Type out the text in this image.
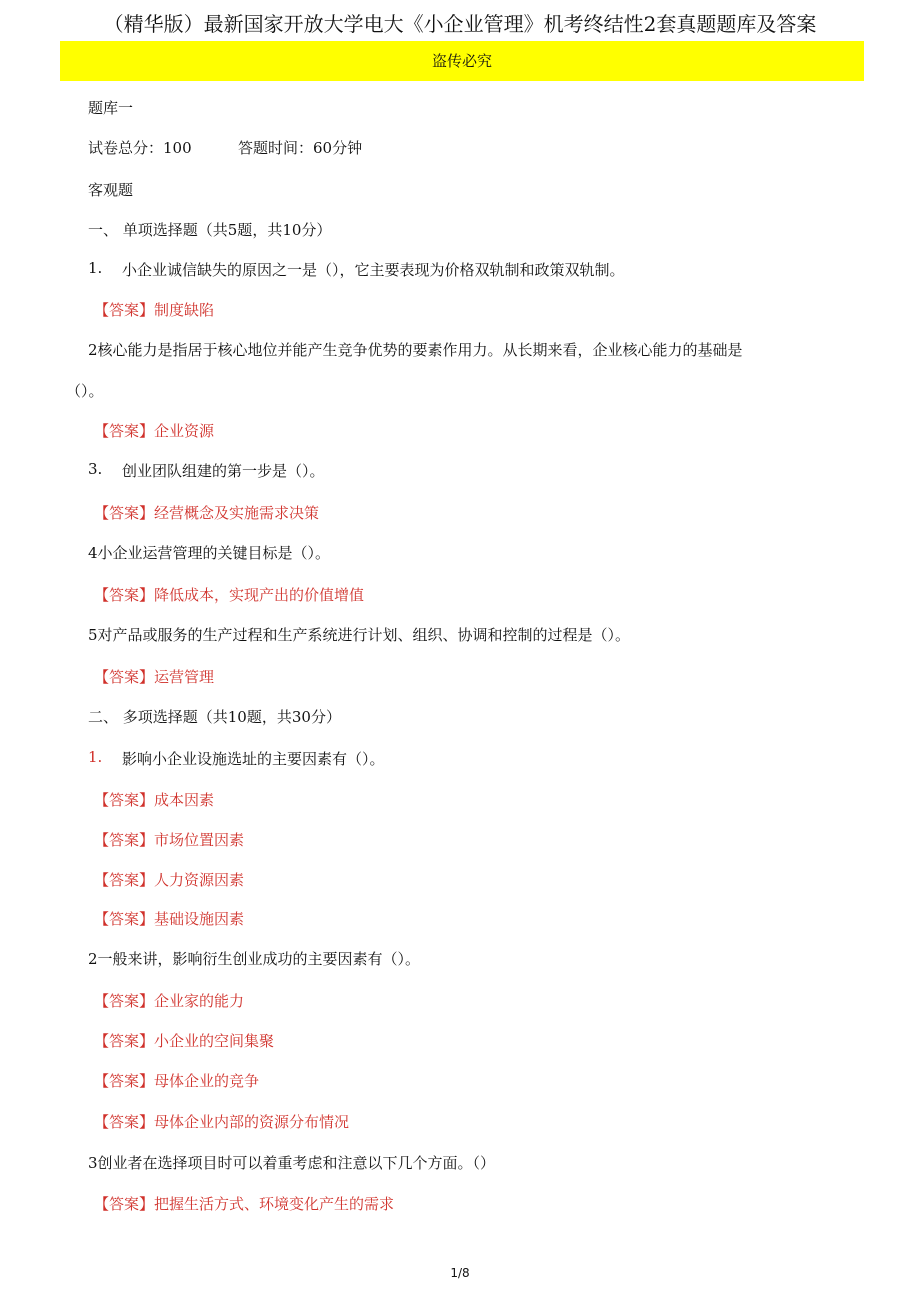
（精华版）最新国家开放大学电大《小企业管理》机考终结性2套真题题库及答案
盗传必究
题库一
试卷总分：100	答题时间：60分钟
客观题
一、 单项选择题（共5题，共10分）
1. 小企业诚信缺失的原因之一是（），它主要表现为价格双轨制和政策双轨制。
【答案】制度缺陷
2核心能力是指居于核心地位并能产生竞争优势的要素作用力。从长期来看，企业核心能力的基础是
（）。
【答案】企业资源
3. 创业团队组建的第一步是（）。
【答案】经营概念及实施需求决策
4小企业运营管理的关键目标是（）。
【答案】降低成本，实现产出的价值增值
5对产品或服务的生产过程和生产系统进行计划、组织、协调和控制的过程是（）。
【答案】运营管理
二、 多项选择题（共10题，共30分）
1. 影响小企业设施选址的主要因素有（）。
【答案】成本因素
【答案】市场位置因素
【答案】人力资源因素
【答案】基础设施因素
2一般来讲，影响衍生创业成功的主要因素有（）。
【答案】企业家的能力
【答案】小企业的空间集聚
【答案】母体企业的竞争
【答案】母体企业内部的资源分布情况
3创业者在选择项目时可以着重考虑和注意以下几个方面。（）
【答案】把握生活方式、环境变化产生的需求
1/8
